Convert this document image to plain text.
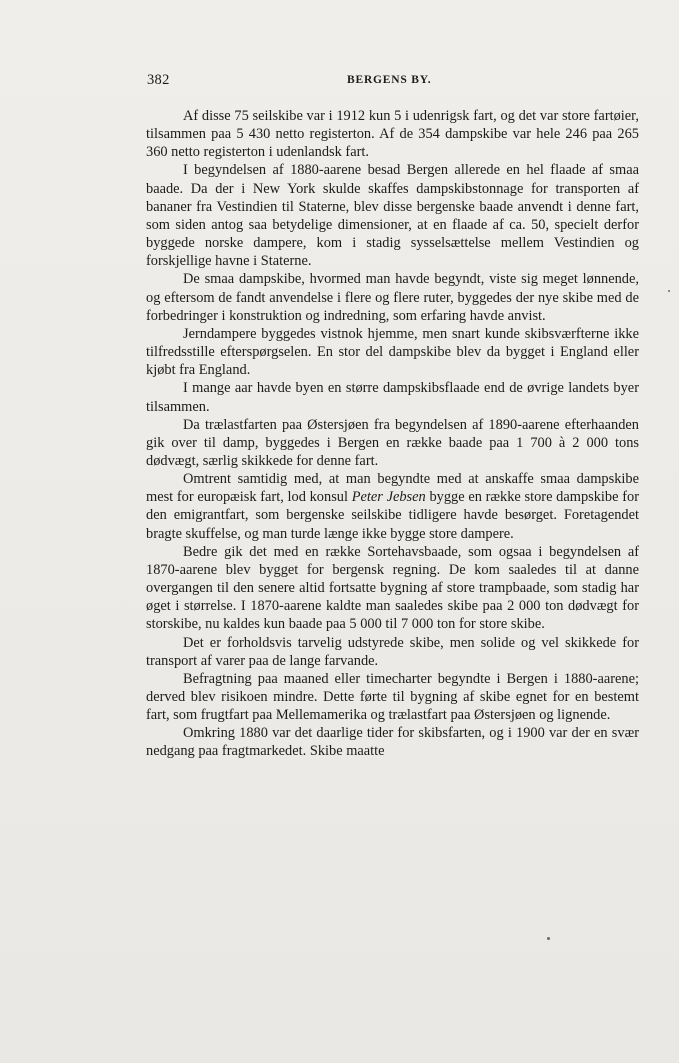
382	BERGENS BY.

Af disse 75 seilskibe var i 1912 kun 5 i udenrigsk fart, og det var store fartøier, tilsammen paa 5 430 netto registerton. Af de 354 dampskibe var hele 246 paa 265 360 netto registerton i udenlandsk fart.

I begyndelsen af 1880-aarene besad Bergen allerede en hel flaade af smaa baade. Da der i New York skulde skaffes dampskibstonnage for transporten af bananer fra Vestindien til Staterne, blev disse bergenske baade anvendt i denne fart, som siden antog saa betydelige dimensioner, at en flaade af ca. 50, specielt derfor byggede norske dampere, kom i stadig sysselsættelse mellem Vestindien og forskjellige havne i Staterne.

De smaa dampskibe, hvormed man havde begyndt, viste sig meget lønnende, og eftersom de fandt anvendelse i flere og flere ruter, byggedes der nye skibe med de forbedringer i konstruktion og indredning, som erfaring havde anvist.

Jerndampere byggedes vistnok hjemme, men snart kunde skibsværfterne ikke tilfredsstille efterspørgselen. En stor del dampskibe blev da bygget i England eller kjøbt fra England.

I mange aar havde byen en større dampskibsflaade end de øvrige landets byer tilsammen.

Da trælastfarten paa Østersjøen fra begyndelsen af 1890-aarene efterhaanden gik over til damp, byggedes i Bergen en række baade paa 1 700 à 2 000 tons dødvægt, særlig skikkede for denne fart.

Omtrent samtidig med, at man begyndte med at anskaffe smaa dampskibe mest for europæisk fart, lod konsul Peter Jebsen bygge en række store dampskibe for den emigrantfart, som bergenske seilskibe tidligere havde besørget. Foretagendet bragte skuffelse, og man turde længe ikke bygge store dampere.

Bedre gik det med en række Sortehavsbaade, som ogsaa i begyndelsen af 1870-aarene blev bygget for bergensk regning. De kom saaledes til at danne overgangen til den senere altid fortsatte bygning af store trampbaade, som stadig har øget i størrelse. I 1870-aarene kaldte man saaledes skibe paa 2 000 ton dødvægt for storskibe, nu kaldes kun baade paa 5 000 til 7 000 ton for store skibe.

Det er forholdsvis tarvelig udstyrede skibe, men solide og vel skikkede for transport af varer paa de lange farvande.

Befragtning paa maaned eller timecharter begyndte i Bergen i 1880-aarene; derved blev risikoen mindre. Dette førte til bygning af skibe egnet for en bestemt fart, som frugtfart paa Mellemamerika og trælastfart paa Østersjøen og lignende.

Omkring 1880 var det daarlige tider for skibsfarten, og i 1900 var der en svær nedgang paa fragtmarkedet. Skibe maatte
